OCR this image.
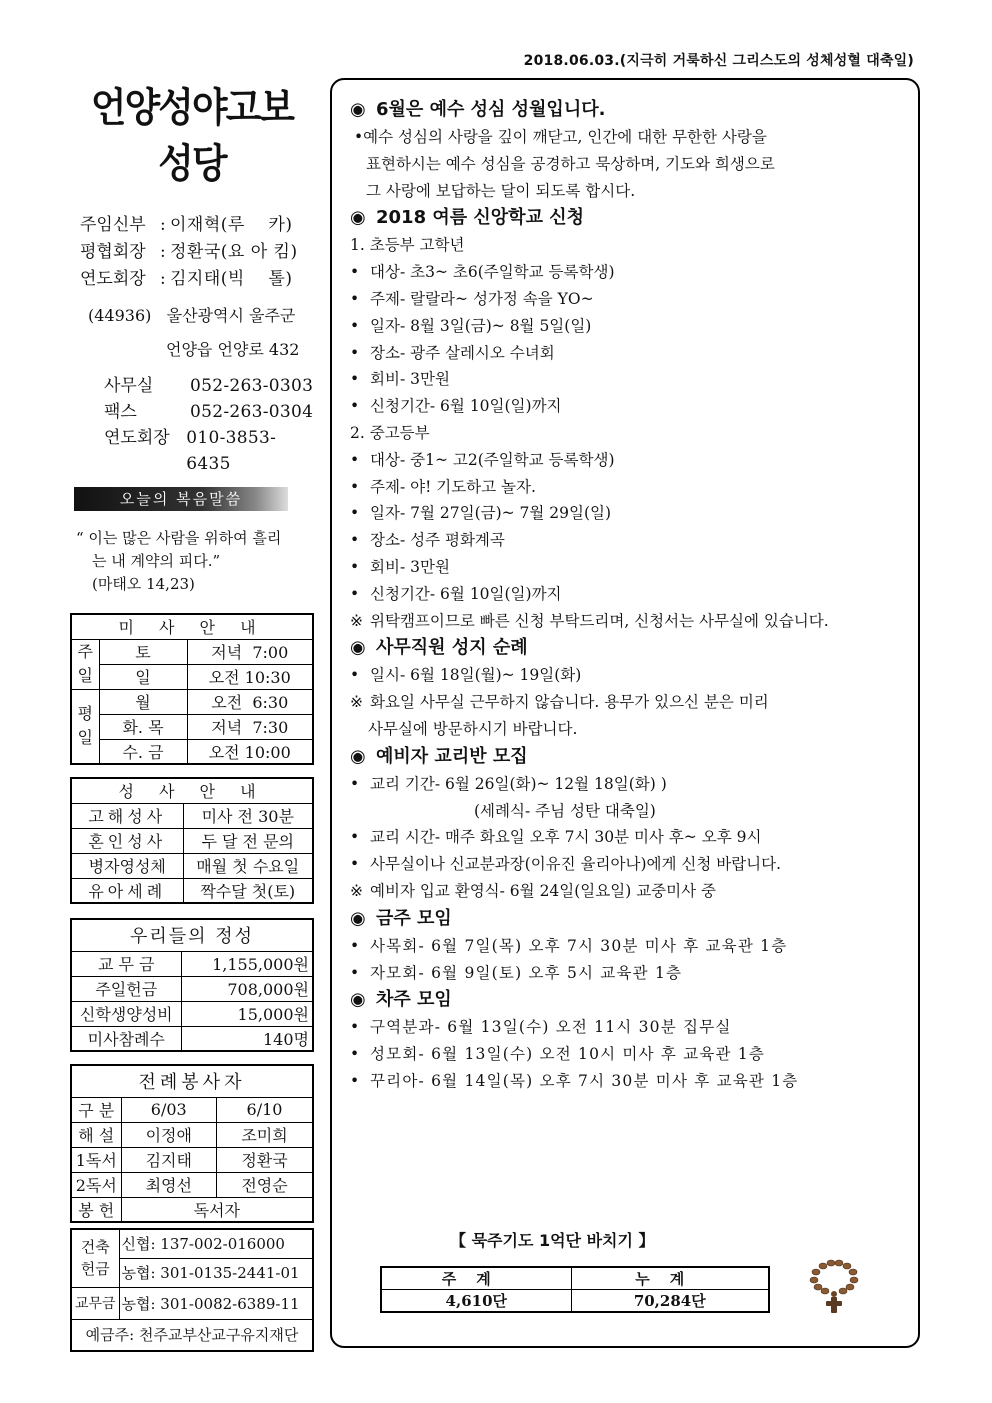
2018.06.03.(지극히 거룩하신 그리스도의 성체성혈 대축일)
언양성야고보
성당
주임신부 : 이재혁(루    카)
평협회장 : 정환국(요 아 킴)
연도회장 : 김지태(빅    톨)
(44936)   울산광역시 울주군
언양읍 언양로 432
사무실	052-263-0303
팩스	052-263-0304
연도회장 010-3853-6435
오늘의 복음말씀
“ 이는 많은 사람을 위하여 흘리
는 내 계약의 피다.”
(마태오 14,23)
미 사 안 내		
주일	토	저녁  7:00
	일	오전 10:30
평일	월	오전  6:30
	화. 목	저녁  7:30
	수. 금	오전 10:00
성 사 안 내	
고해성사	미사 전 30분
혼인성사	두 달 전 문의
병자영성체	매월 첫 수요일
유아세례	짝수달 첫(토)
우리들의 정성	
교 무 금	1,155,000원
주일헌금	708,000원
신학생양성비	15,000원
미사참례수	140명
전례봉사자		
구 분	6/03	6/10
해 설	이정애	조미희
1독서	김지태	정환국
2독서	최영선	전영순
봉 헌	독서자	
건축헌금	신협: 137-002-016000
	농협: 301-0135-2441-01
교무금	농협: 301-0082-6389-11
예금주: 천주교부산교구유지재단	
◉ 6월은 예수 성심 성월입니다.
•예수 성심의 사랑을 깊이 깨닫고, 인간에 대한 무한한 사랑을
표현하시는 예수 성심을 공경하고 묵상하며, 기도와 희생으로
그 사랑에 보답하는 달이 되도록 합시다.
◉ 2018 여름 신앙학교 신청
1. 초등부 고학년
• 대상- 초3~ 초6(주일학교 등록학생)
• 주제- 랄랄라~ 성가정 속을 YO~
• 일자- 8월 3일(금)~ 8월 5일(일)
• 장소- 광주 살레시오 수녀회
• 회비- 3만원
• 신청기간- 6월 10일(일)까지
2. 중고등부
• 대상- 중1~ 고2(주일학교 등록학생)
• 주제- 야! 기도하고 놀자.
• 일자- 7월 27일(금)~ 7월 29일(일)
• 장소- 성주 평화계곡
• 회비- 3만원
• 신청기간- 6월 10일(일)까지
※ 위탁캠프이므로 빠른 신청 부탁드리며, 신청서는 사무실에 있습니다.
◉ 사무직원 성지 순례
• 일시- 6월 18일(월)~ 19일(화)
※ 화요일 사무실 근무하지 않습니다. 용무가 있으신 분은 미리
사무실에 방문하시기 바랍니다.
◉ 예비자 교리반 모집
• 교리 기간- 6월 26일(화)~ 12월 18일(화) )
(세례식- 주님 성탄 대축일)
• 교리 시간- 매주 화요일 오후 7시 30분 미사 후~ 오후 9시
• 사무실이나 신교분과장(이유진 율리아나)에게 신청 바랍니다.
※ 예비자 입교 환영식- 6월 24일(일요일) 교중미사 중
◉ 금주 모임
• 사목회- 6월 7일(목) 오후 7시 30분 미사 후 교육관 1층
• 자모회- 6월 9일(토) 오후 5시 교육관 1층
◉ 차주 모임
• 구역분과- 6월 13일(수) 오전 11시 30분 집무실
• 성모회- 6월 13일(수) 오전 10시 미사 후 교육관 1층
• 꾸리아- 6월 14일(목) 오후 7시 30분 미사 후 교육관 1층
【 묵주기도 1억단 바치기 】
주계	누계
4,610단	70,284단
